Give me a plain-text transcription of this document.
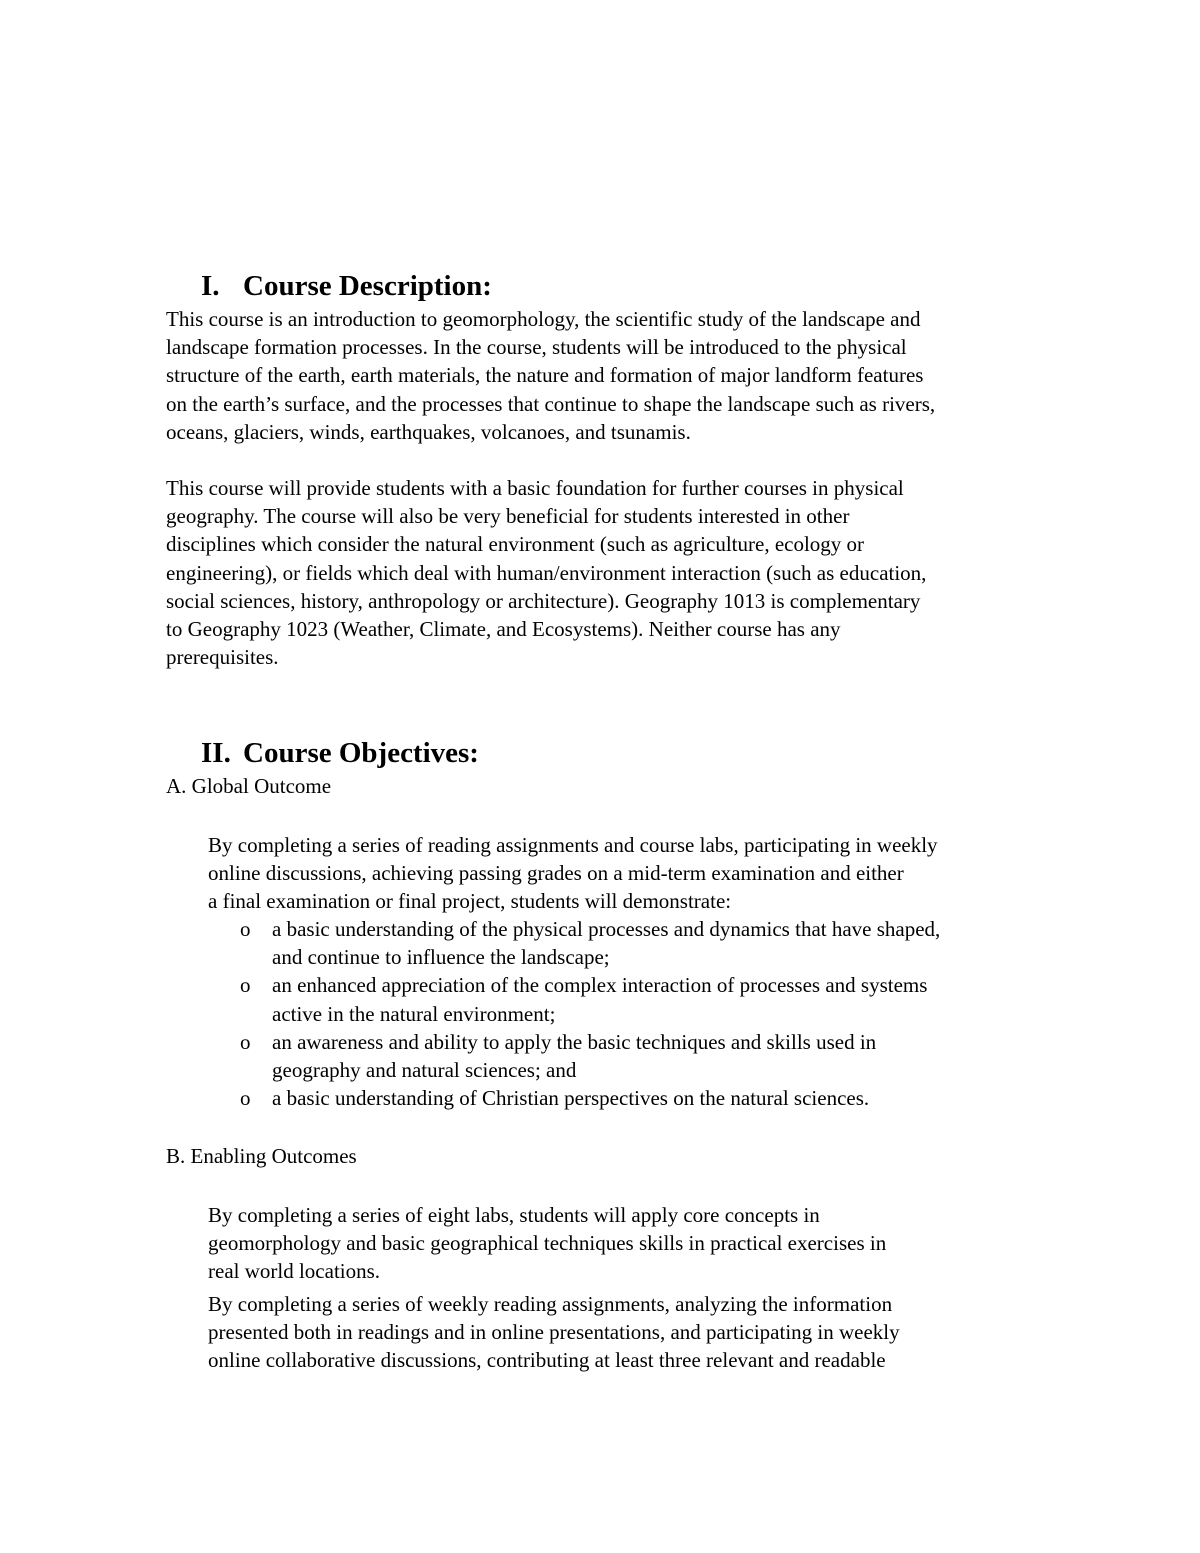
I. Course Description:

This course is an introduction to geomorphology, the scientific study of the landscape and
landscape formation processes. In the course, students will be introduced to the physical
structure of the earth, earth materials, the nature and formation of major landform features
on the earth’s surface, and the processes that continue to shape the landscape such as rivers,
oceans, glaciers, winds, earthquakes, volcanoes, and tsunamis.

This course will provide students with a basic foundation for further courses in physical
geography. The course will also be very beneficial for students interested in other
disciplines which consider the natural environment (such as agriculture, ecology or
engineering), or fields which deal with human/environment interaction (such as education,
social sciences, history, anthropology or architecture). Geography 1013 is complementary
to Geography 1023 (Weather, Climate, and Ecosystems). Neither course has any
prerequisites.

II. Course Objectives:

A. Global Outcome

By completing a series of reading assignments and course labs, participating in weekly
online discussions, achieving passing grades on a mid-term examination and either
a final examination or final project, students will demonstrate:

o a basic understanding of the physical processes and dynamics that have shaped,
and continue to influence the landscape;
o an enhanced appreciation of the complex interaction of processes and systems
active in the natural environment;
o an awareness and ability to apply the basic techniques and skills used in
geography and natural sciences; and
o a basic understanding of Christian perspectives on the natural sciences.

B. Enabling Outcomes

By completing a series of eight labs, students will apply core concepts in
geomorphology and basic geographical techniques skills in practical exercises in
real world locations.

By completing a series of weekly reading assignments, analyzing the information
presented both in readings and in online presentations, and participating in weekly
online collaborative discussions, contributing at least three relevant and readable
